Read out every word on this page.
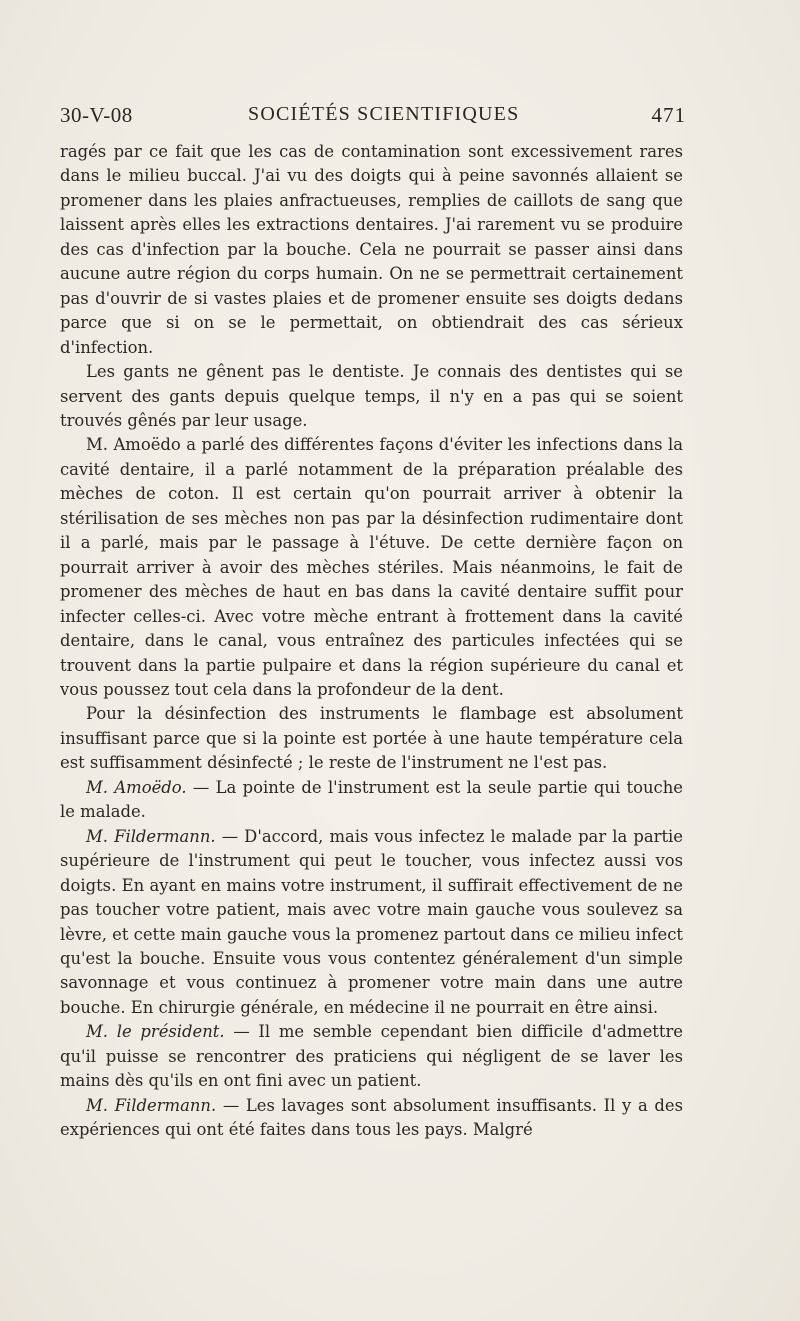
30-V-08	SOCIÉTÉS SCIENTIFIQUES	471

ragés par ce fait que les cas de contamination sont excessivement rares dans le milieu buccal. J'ai vu des doigts qui à peine savonnés allaient se promener dans les plaies anfractueuses, remplies de caillots de sang que laissent après elles les extractions dentaires. J'ai rarement vu se produire des cas d'infection par la bouche. Cela ne pourrait se passer ainsi dans aucune autre région du corps humain. On ne se permettrait certainement pas d'ouvrir de si vastes plaies et de promener ensuite ses doigts dedans parce que si on se le permettait, on obtiendrait des cas sérieux d'infection.

Les gants ne gênent pas le dentiste. Je connais des dentistes qui se servent des gants depuis quelque temps, il n'y en a pas qui se soient trouvés gênés par leur usage.

M. Amoëdo a parlé des différentes façons d'éviter les infections dans la cavité dentaire, il a parlé notamment de la préparation préalable des mèches de coton. Il est certain qu'on pourrait arriver à obtenir la stérilisation de ses mèches non pas par la désinfection rudimentaire dont il a parlé, mais par le passage à l'étuve. De cette dernière façon on pourrait arriver à avoir des mèches stériles. Mais néanmoins, le fait de promener des mèches de haut en bas dans la cavité dentaire suffit pour infecter celles-ci. Avec votre mèche entrant à frottement dans la cavité dentaire, dans le canal, vous entraînez des particules infectées qui se trouvent dans la partie pulpaire et dans la région supérieure du canal et vous poussez tout cela dans la profondeur de la dent.

Pour la désinfection des instruments le flambage est absolument insuffisant parce que si la pointe est portée à une haute température cela est suffisamment désinfecté ; le reste de l'instrument ne l'est pas.

M. Amoëdo. — La pointe de l'instrument est la seule partie qui touche le malade.

M. Fildermann. — D'accord, mais vous infectez le malade par la partie supérieure de l'instrument qui peut le toucher, vous infectez aussi vos doigts. En ayant en mains votre instrument, il suffirait effectivement de ne pas toucher votre patient, mais avec votre main gauche vous soulevez sa lèvre, et cette main gauche vous la promenez partout dans ce milieu infect qu'est la bouche. Ensuite vous vous contentez généralement d'un simple savonnage et vous continuez à promener votre main dans une autre bouche. En chirurgie générale, en médecine il ne pourrait en être ainsi.

M. le président. — Il me semble cependant bien difficile d'admettre qu'il puisse se rencontrer des praticiens qui négligent de se laver les mains dès qu'ils en ont fini avec un patient.

M. Fildermann. — Les lavages sont absolument insuffisants. Il y a des expériences qui ont été faites dans tous les pays. Malgré
